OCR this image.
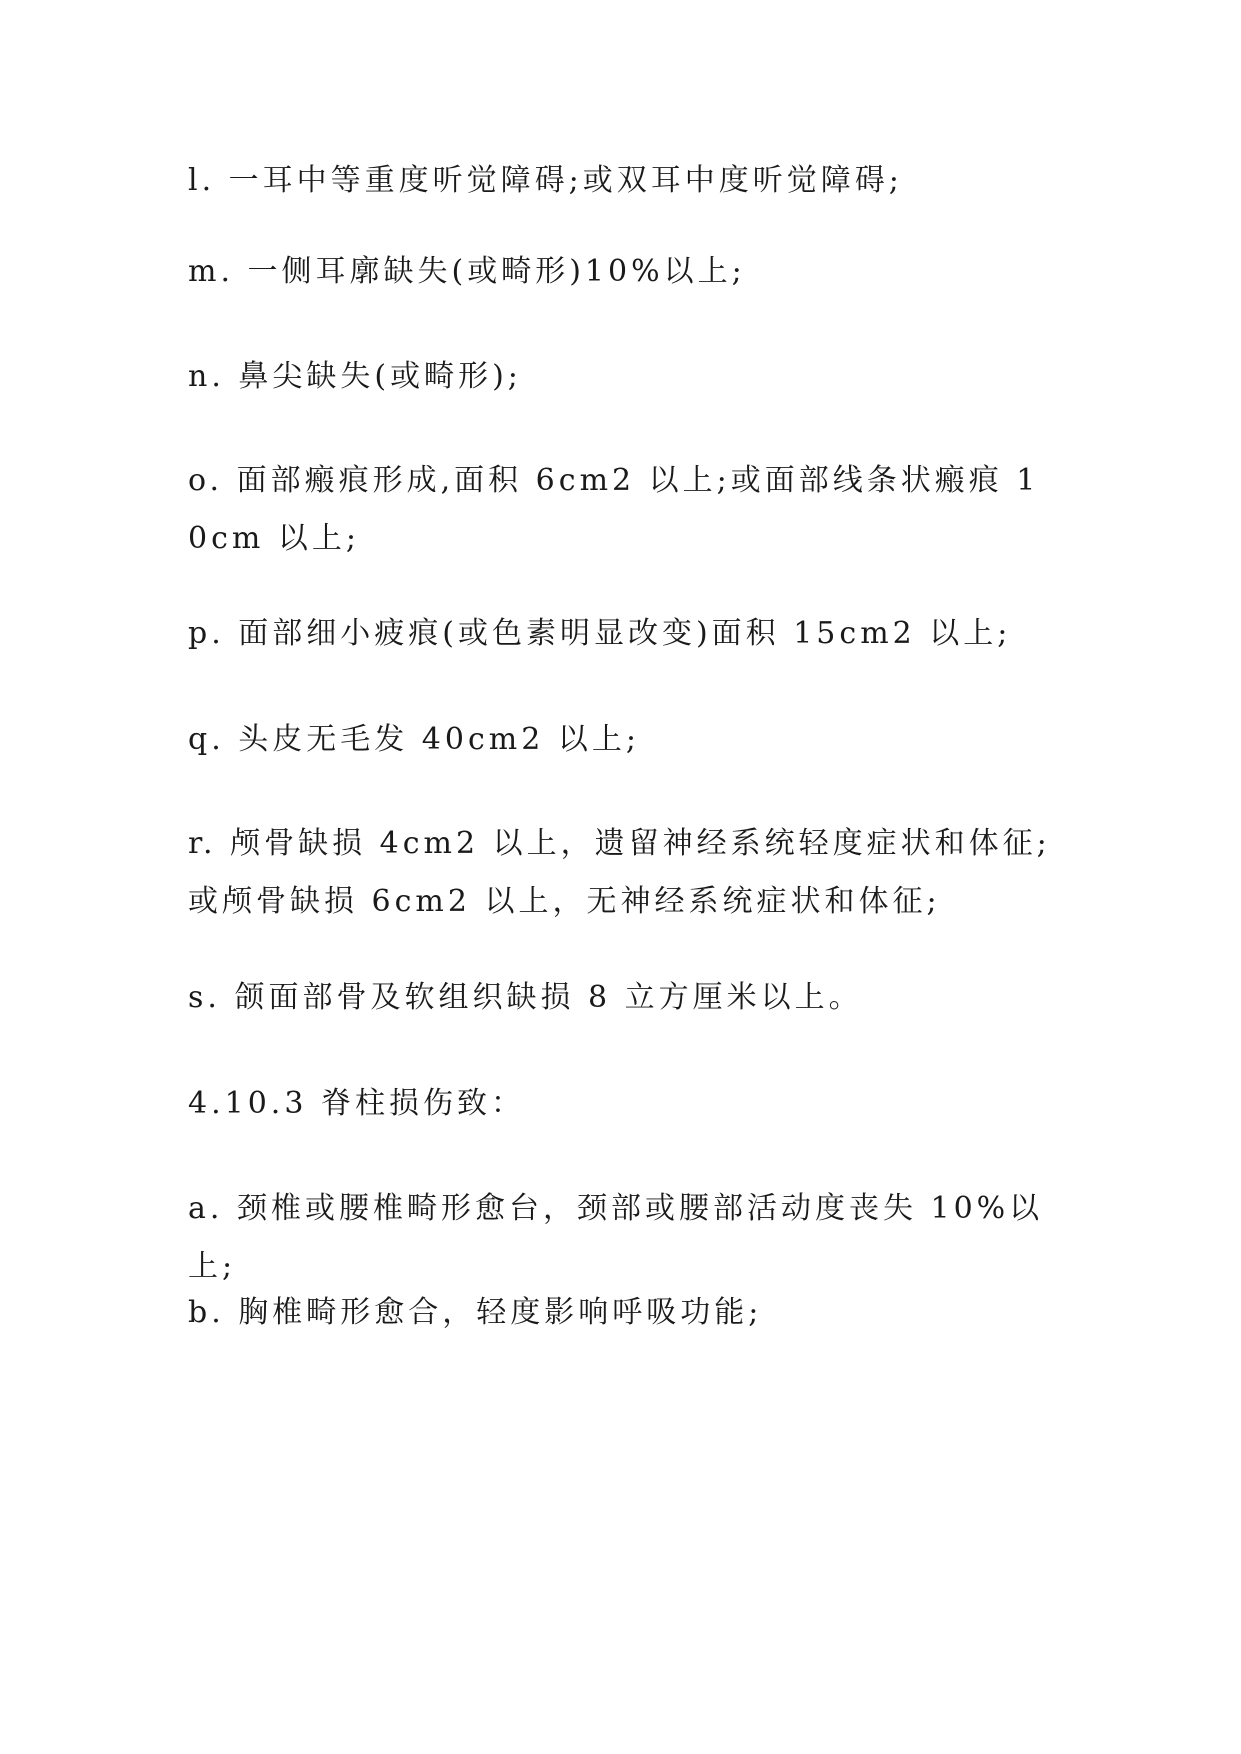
l. 一耳中等重度听觉障碍;或双耳中度听觉障碍;

m. 一侧耳廓缺失(或畸形)10%以上;

n. 鼻尖缺失(或畸形);

o. 面部瘢痕形成,面积 6cm2 以上;或面部线条状瘢痕 10cm 以上;

p. 面部细小疲痕(或色素明显改变)面积 15cm2 以上;

q. 头皮无毛发 40cm2 以上;

r. 颅骨缺损 4cm2 以上，遗留神经系统轻度症状和体征;或颅骨缺损 6cm2 以上，无神经系统症状和体征;

s. 颌面部骨及软组织缺损 8 立方厘米以上。

4.10.3 脊柱损伤致：

a. 颈椎或腰椎畸形愈台，颈部或腰部活动度丧失 10%以上;

b. 胸椎畸形愈合，轻度影响呼吸功能;
